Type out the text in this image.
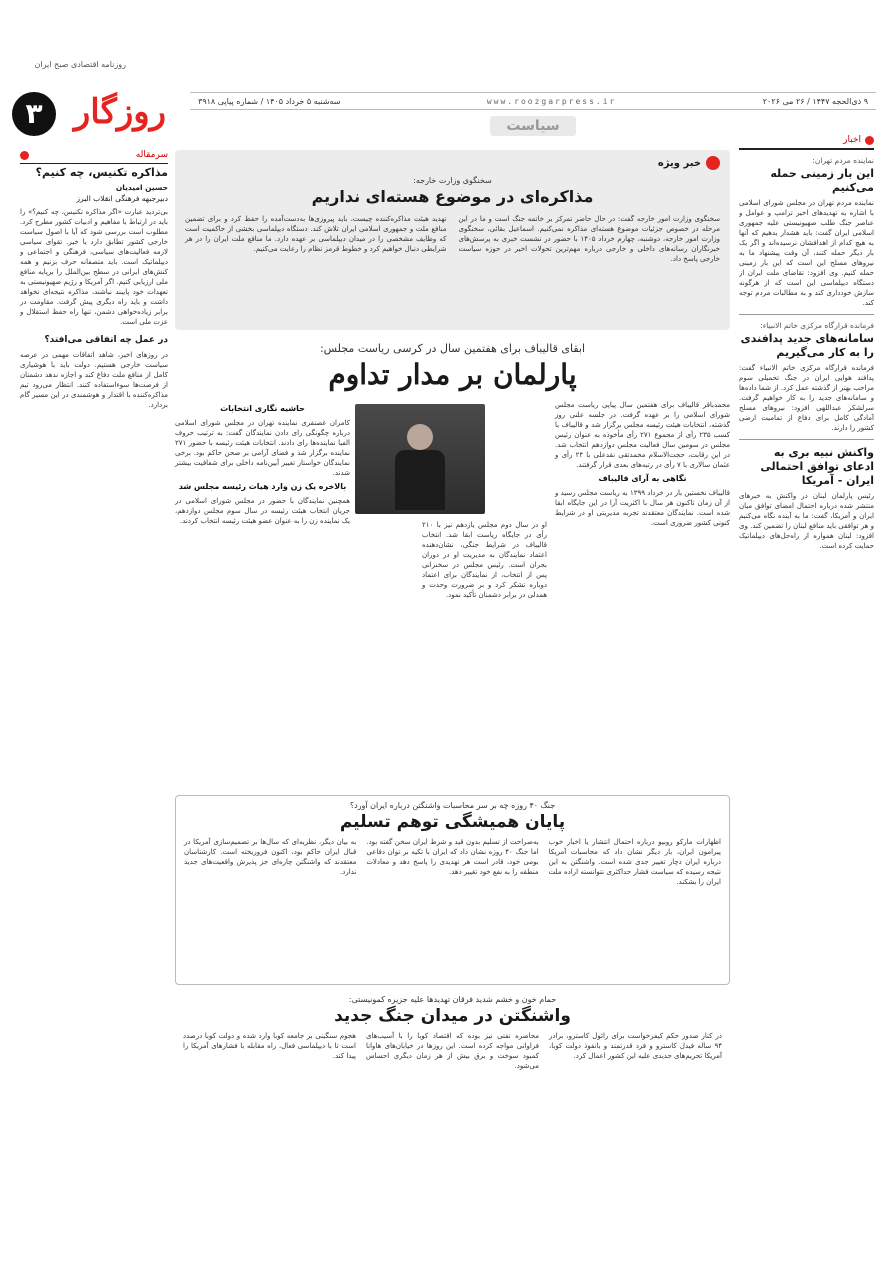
روزنامه اقتصادی صبح ایران
۳ روزگار	۹ ذی‌الحجه ۱۴۴۷ / ۲۶ می ۲۰۲۶
www.roozgarpress.ir
سه‌شنبه ۵ خرداد ۱۴۰۵ / شماره پیاپی ۳۹۱۸
سیاست
اخبار
نماینده مردم تهران:
این بار زمینی حمله می‌کنیم
نماینده مردم تهران در مجلس شورای اسلامی با اشاره به تهدیدهای اخیر ترامپ و عوامل و عناصر جنگ طلب صهیونیستی علیه جمهوری اسلامی ایران گفت: باید هشدار بدهیم که آنها به هیچ کدام از اهدافشان نرسیده‌اند و اگر یک بار دیگر حمله کنند، آن وقت پیشنهاد ما به نیروهای مسلح این است که این بار زمینی حمله کنیم. وی افزود: تقاضای ملت ایران از دستگاه دیپلماسی این است که از هرگونه سازش خودداری کند و به مطالبات مردم توجه کند.
فرمانده قرارگاه مرکزی خاتم الانبیاء:
سامانه‌های جدید پدافندی را به کار می‌گیریم
فرمانده قرارگاه مرکزی خاتم الانبیاء گفت: پدافند هوایی ایران در جنگ تحمیلی سوم مراحب بهتر از گذشته عمل کرد. از شما داده‌ها و سامانه‌های جدید را به کار خواهیم گرفت. سرلشکر عبداللهی افزود: نیروهای مسلح آمادگی کامل برای دفاع از تمامیت ارضی کشور را دارند.
واکنش نبیه بری به ادعای توافق احتمالی ایران - آمریکا
رئیس پارلمان لبنان در واکنش به خبرهای منتشر شده درباره احتمال امضای توافق میان ایران و آمریکا، گفت: ما به آینده نگاه می‌کنیم و هر توافقی باید منافع لبنان را تضمین کند. وی افزود: لبنان همواره از راه‌حل‌های دیپلماتیک حمایت کرده است.
سرمقاله
مذاکره تکنیس، چه کنیم؟
حسین امیدیان
دبیرجبهه فرهنگی انقلاب البرز
بی‌تردید عبارت «اگر مذاکره تکنیس، چه کنیم؟» را باید در ارتباط با مفاهیم و ادبیات کشور مطرح کرد. مطلوب است بررسی شود که آیا با اصول سیاست خارجی کشور تطابق دارد یا خیر. تقوای سیاسی لازمه فعالیت‌های سیاسی، فرهنگی و اجتماعی و دیپلماتیک است. باید متصفانه حرف بزنیم و همه کنش‌های ایرانی در سطح بین‌الملل را برپایه منافع ملی ارزیابی کنیم. اگر آمریکا و رژیم صهیونیستی به تعهدات خود پایبند نباشند، مذاکره نتیجه‌ای نخواهد داشت و باید راه دیگری پیش گرفت. مقاومت در برابر زیاده‌خواهی دشمن، تنها راه حفظ استقلال و عزت ملی است.
در عمل چه اتفاقی می‌افتد؟
در روزهای اخیر، شاهد اتفاقات مهمی در عرصه سیاست خارجی هستیم. دولت باید با هوشیاری کامل از منافع ملت دفاع کند و اجازه ندهد دشمنان از فرصت‌ها سوءاستفاده کنند. انتظار می‌رود تیم مذاکره‌کننده با اقتدار و هوشمندی در این مسیر گام بردارد.
خبر ویژه
سخنگوی وزارت خارجه:
مذاکره‌ای در موضوع هسته‌ای نداریم
سخنگوی وزارت امور خارجه گفت: در حال حاضر تمرکز بر خاتمه جنگ است و ما در این مرحله در خصوص جزئیات موضوع هسته‌ای مذاکره نمی‌کنیم. اسماعیل بقائی، سخنگوی وزارت امور خارجه، دوشنبه، چهارم خرداد ۱۴۰۵ با حضور در نشست خبری به پرسش‌های خبرنگاران رسانه‌های داخلی و خارجی درباره مهم‌ترین تحولات اخیر در حوزه سیاست خارجی پاسخ داد.
تهدید هیئت مذاکره‌کننده چیست، باید پیروزی‌ها به‌دست‌آمده را حفظ کرد و برای تضمین منافع ملت و جمهوری اسلامی ایران تلاش کند. دستگاه دیپلماسی بخشی از حاکمیت است که وظایف مشخصی را در میدان دیپلماسی بر عهده دارد. ما منافع ملت ایران را در هر شرایطی دنبال خواهیم کرد و خطوط قرمز نظام را رعایت می‌کنیم.
ابقای قالیباف برای هفتمین سال در کرسی ریاست مجلس:
پارلمان بر مدار تداوم
محمدباقر قالیباف برای هفتمین سال پیاپی ریاست مجلس شورای اسلامی را بر عهده گرفت. در جلسه علنی روز گذشته، انتخابات هیئت رئیسه مجلس برگزار شد و قالیباف با کسب ۲۳۵ رأی از مجموع ۲۷۱ رأی مأخوذه به عنوان رئیس مجلس در سومین سال فعالیت مجلس دوازدهم انتخاب شد. در این رقابت، حجت‌الاسلام محمدتقی نقدعلی با ۲۴ رأی و عثمان سالاری با ۷ رأی در رتبه‌های بعدی قرار گرفتند.
نگاهی به آرای قالیباف
قالیباف نخستین بار در خرداد ۱۳۹۹ به ریاست مجلس رسید و از آن زمان تاکنون هر سال با اکثریت آرا در این جایگاه ابقا شده است. نمایندگان معتقدند تجربه مدیریتی او در شرایط کنونی کشور ضروری است.
او در سال دوم مجلس یازدهم نیز با ۲۱۰ رأی در جایگاه ریاست ابقا شد. انتخاب قالیباف در شرایط جنگی، نشان‌دهنده اعتماد نمایندگان به مدیریت او در دوران بحران است. رئیس مجلس در سخنرانی پس از انتخاب، از نمایندگان برای اعتماد دوباره تشکر کرد و بر ضرورت وحدت و همدلی در برابر دشمنان تأکید نمود.
حاشیه نگاری انتخابات
کامران غضنفری نماینده تهران در مجلس شورای اسلامی درباره چگونگی رای دادن نمایندگان گفت: به ترتیب حروف الفبا نماینده‌ها رای دادند. انتخابات هیئت رئیسه با حضور ۲۷۱ نماینده برگزار شد و فضای آرامی بر صحن حاکم بود. برخی نمایندگان خواستار تغییر آیین‌نامه داخلی برای شفافیت بیشتر شدند.
بالاخره یک زن وارد هیات رئیسه مجلس شد
همچنین نمایندگان با حضور در مجلس شورای اسلامی در جریان انتخاب هیئت رئیسه در سال سوم مجلس دوازدهم، یک نماینده زن را به عنوان عضو هیئت رئیسه انتخاب کردند.
جنگ ۴۰ روزه چه بر سر محاسبات واشنگتن درباره ایران آورد؟
پایان همیشگی توهم تسلیم
اظهارات مارکو روبیو درباره احتمال انتشار یا اخبار خوب پیرامون ایران، بار دیگر نشان داد که محاسبات آمریکا درباره ایران دچار تغییر جدی شده است. واشنگتن به این نتیجه رسیده که سیاست فشار حداکثری نتوانسته اراده ملت ایران را بشکند.
به‌صراحت از تسلیم بدون قید و شرط ایران سخن گفته بود. اما جنگ ۴۰ روزه نشان داد که ایران با تکیه بر توان دفاعی بومی خود، قادر است هر تهدیدی را پاسخ دهد و معادلات منطقه را به نفع خود تغییر دهد.
به بیان دیگر، نظریه‌ای که سال‌ها بر تصمیم‌سازی آمریکا در قبال ایران حاکم بود، اکنون فروریخته است. کارشناسان معتقدند که واشنگتن چاره‌ای جز پذیرش واقعیت‌های جدید ندارد.
حمام خون و خشم شدید فرقان تهدیدها علیه جزیره کمونیستی:
واشنگتن در میدان جنگ جدید
در کنار صدور حکم کیفرخواست برای رائول کاسترو، برادر ۹۴ ساله فیدل کاسترو و فرد قدرتمند و بانفوذ دولت کوبا، آمریکا تحریم‌های جدیدی علیه این کشور اعمال کرد.
محاصره نفتی نیز بوده که اقتصاد کوبا را با آسیب‌های فراوانی مواجه کرده است. این روزها در خیابان‌های هاوانا کمبود سوخت و برق بیش از هر زمان دیگری احساس می‌شود.
هجوم سنگینی بر جامعه کوبا وارد شده و دولت کوبا درصدد است تا با دیپلماسی فعال، راه مقابله با فشارهای آمریکا را پیدا کند.
